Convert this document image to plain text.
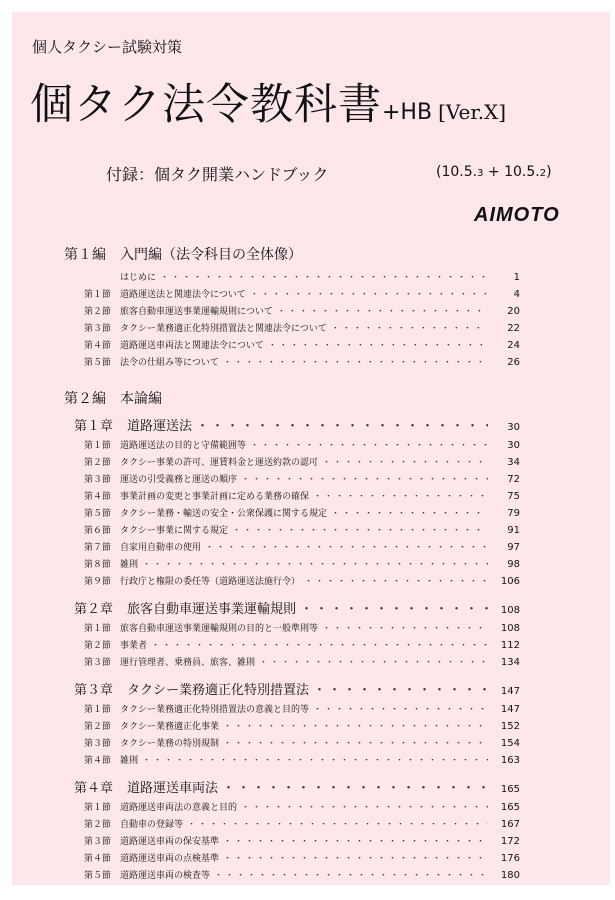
個人タクシー試験対策
個タク法令教科書+HB [Ver.X]
付録：個タク開業ハンドブック	(10.5.3 + 10.5.2)
AIMOTO
第１編　入門編（法令科目の全体像）
はじめに ・・・・・・・・・・・・・・・・・・・・・・・・・・・・・・・・・・・・・・・・・・・・・・・・・・・・・・・・・・	1
第１節 道路運送法と関連法令について ・・・・・・・・・・・・・・・・・・・・・・・・・・・・・・・・・・・・・・・・・・・・・・・・・・・・・・・・・・	4
第２節 旅客自動車運送事業運輸規則について ・・・・・・・・・・・・・・・・・・・・・・・・・・・・・・・・・・・・・・・・・・・・・・・・・・・・・・・・・・	20
第３節 タクシー業務適正化特別措置法と関連法令について ・・・・・・・・・・・・・・・・・・・・・・・・・・・・・・・・・・・・・・・・・・・・・・・・・・・・・・・・・・	22
第４節 道路運送車両法と関連法令について ・・・・・・・・・・・・・・・・・・・・・・・・・・・・・・・・・・・・・・・・・・・・・・・・・・・・・・・・・・	24
第５節 法令の仕組み等について ・・・・・・・・・・・・・・・・・・・・・・・・・・・・・・・・・・・・・・・・・・・・・・・・・・・・・・・・・・	26
第２編　本論編
第１章 道路運送法 ・・・・・・・・・・・・・・・・・・・・・・・・・・・・・・・・・・・・・・・・・・・・・・・・・・・・・・・・・・	30
第１節 道路運送法の目的と守備範囲等 ・・・・・・・・・・・・・・・・・・・・・・・・・・・・・・・・・・・・・・・・・・・・・・・・・・・・・・・・・・	30
第２節 タクシー事業の許可、運賃料金と運送約款の認可 ・・・・・・・・・・・・・・・・・・・・・・・・・・・・・・・・・・・・・・・・・・・・・・・・・・・・・・・・・・	34
第３節 運送の引受義務と運送の順序 ・・・・・・・・・・・・・・・・・・・・・・・・・・・・・・・・・・・・・・・・・・・・・・・・・・・・・・・・・・	72
第４節 事業計画の変更と事業計画に定める業務の確保 ・・・・・・・・・・・・・・・・・・・・・・・・・・・・・・・・・・・・・・・・・・・・・・・・・・・・・・・・・・	75
第５節 タクシー業務・輸送の安全・公衆保護に関する規定 ・・・・・・・・・・・・・・・・・・・・・・・・・・・・・・・・・・・・・・・・・・・・・・・・・・・・・・・・・・	79
第６節 タクシー事業に関する規定 ・・・・・・・・・・・・・・・・・・・・・・・・・・・・・・・・・・・・・・・・・・・・・・・・・・・・・・・・・・	91
第７節 自家用自動車の使用 ・・・・・・・・・・・・・・・・・・・・・・・・・・・・・・・・・・・・・・・・・・・・・・・・・・・・・・・・・・	97
第８節 雑則 ・・・・・・・・・・・・・・・・・・・・・・・・・・・・・・・・・・・・・・・・・・・・・・・・・・・・・・・・・・	98
第９節 行政庁と権限の委任等（道路運送法施行令） ・・・・・・・・・・・・・・・・・・・・・・・・・・・・・・・・・・・・・・・・・・・・・・・・・・・・・・・・・・	106
第２章 旅客自動車運送事業運輸規則 ・・・・・・・・・・・・・・・・・・・・・・・・・・・・・・・・・・・・・・・・・・・・・・・・・・・・・・・・・・	108
第１節 旅客自動車運送事業運輸規則の目的と一般準則等 ・・・・・・・・・・・・・・・・・・・・・・・・・・・・・・・・・・・・・・・・・・・・・・・・・・・・・・・・・・	108
第２節 事業者 ・・・・・・・・・・・・・・・・・・・・・・・・・・・・・・・・・・・・・・・・・・・・・・・・・・・・・・・・・・	112
第３節 運行管理者、乗務員、旅客、雑則 ・・・・・・・・・・・・・・・・・・・・・・・・・・・・・・・・・・・・・・・・・・・・・・・・・・・・・・・・・・	134
第３章 タクシー業務適正化特別措置法 ・・・・・・・・・・・・・・・・・・・・・・・・・・・・・・・・・・・・・・・・・・・・・・・・・・・・・・・・・・	147
第１節 タクシー業務適正化特別措置法の意義と目的等 ・・・・・・・・・・・・・・・・・・・・・・・・・・・・・・・・・・・・・・・・・・・・・・・・・・・・・・・・・・	147
第２節 タクシー業務適正化事業 ・・・・・・・・・・・・・・・・・・・・・・・・・・・・・・・・・・・・・・・・・・・・・・・・・・・・・・・・・・	152
第３節 タクシー業務の特別規制 ・・・・・・・・・・・・・・・・・・・・・・・・・・・・・・・・・・・・・・・・・・・・・・・・・・・・・・・・・・	154
第４節 雑則 ・・・・・・・・・・・・・・・・・・・・・・・・・・・・・・・・・・・・・・・・・・・・・・・・・・・・・・・・・・	163
第４章 道路運送車両法 ・・・・・・・・・・・・・・・・・・・・・・・・・・・・・・・・・・・・・・・・・・・・・・・・・・・・・・・・・・	165
第１節 道路運送車両法の意義と目的 ・・・・・・・・・・・・・・・・・・・・・・・・・・・・・・・・・・・・・・・・・・・・・・・・・・・・・・・・・・	165
第２節 自動車の登録等 ・・・・・・・・・・・・・・・・・・・・・・・・・・・・・・・・・・・・・・・・・・・・・・・・・・・・・・・・・・	167
第３節 道路運送車両の保安基準 ・・・・・・・・・・・・・・・・・・・・・・・・・・・・・・・・・・・・・・・・・・・・・・・・・・・・・・・・・・	172
第４節 道路運送車両の点検基準 ・・・・・・・・・・・・・・・・・・・・・・・・・・・・・・・・・・・・・・・・・・・・・・・・・・・・・・・・・・	176
第５節 道路運送車両の検査等 ・・・・・・・・・・・・・・・・・・・・・・・・・・・・・・・・・・・・・・・・・・・・・・・・・・・・・・・・・・	180
